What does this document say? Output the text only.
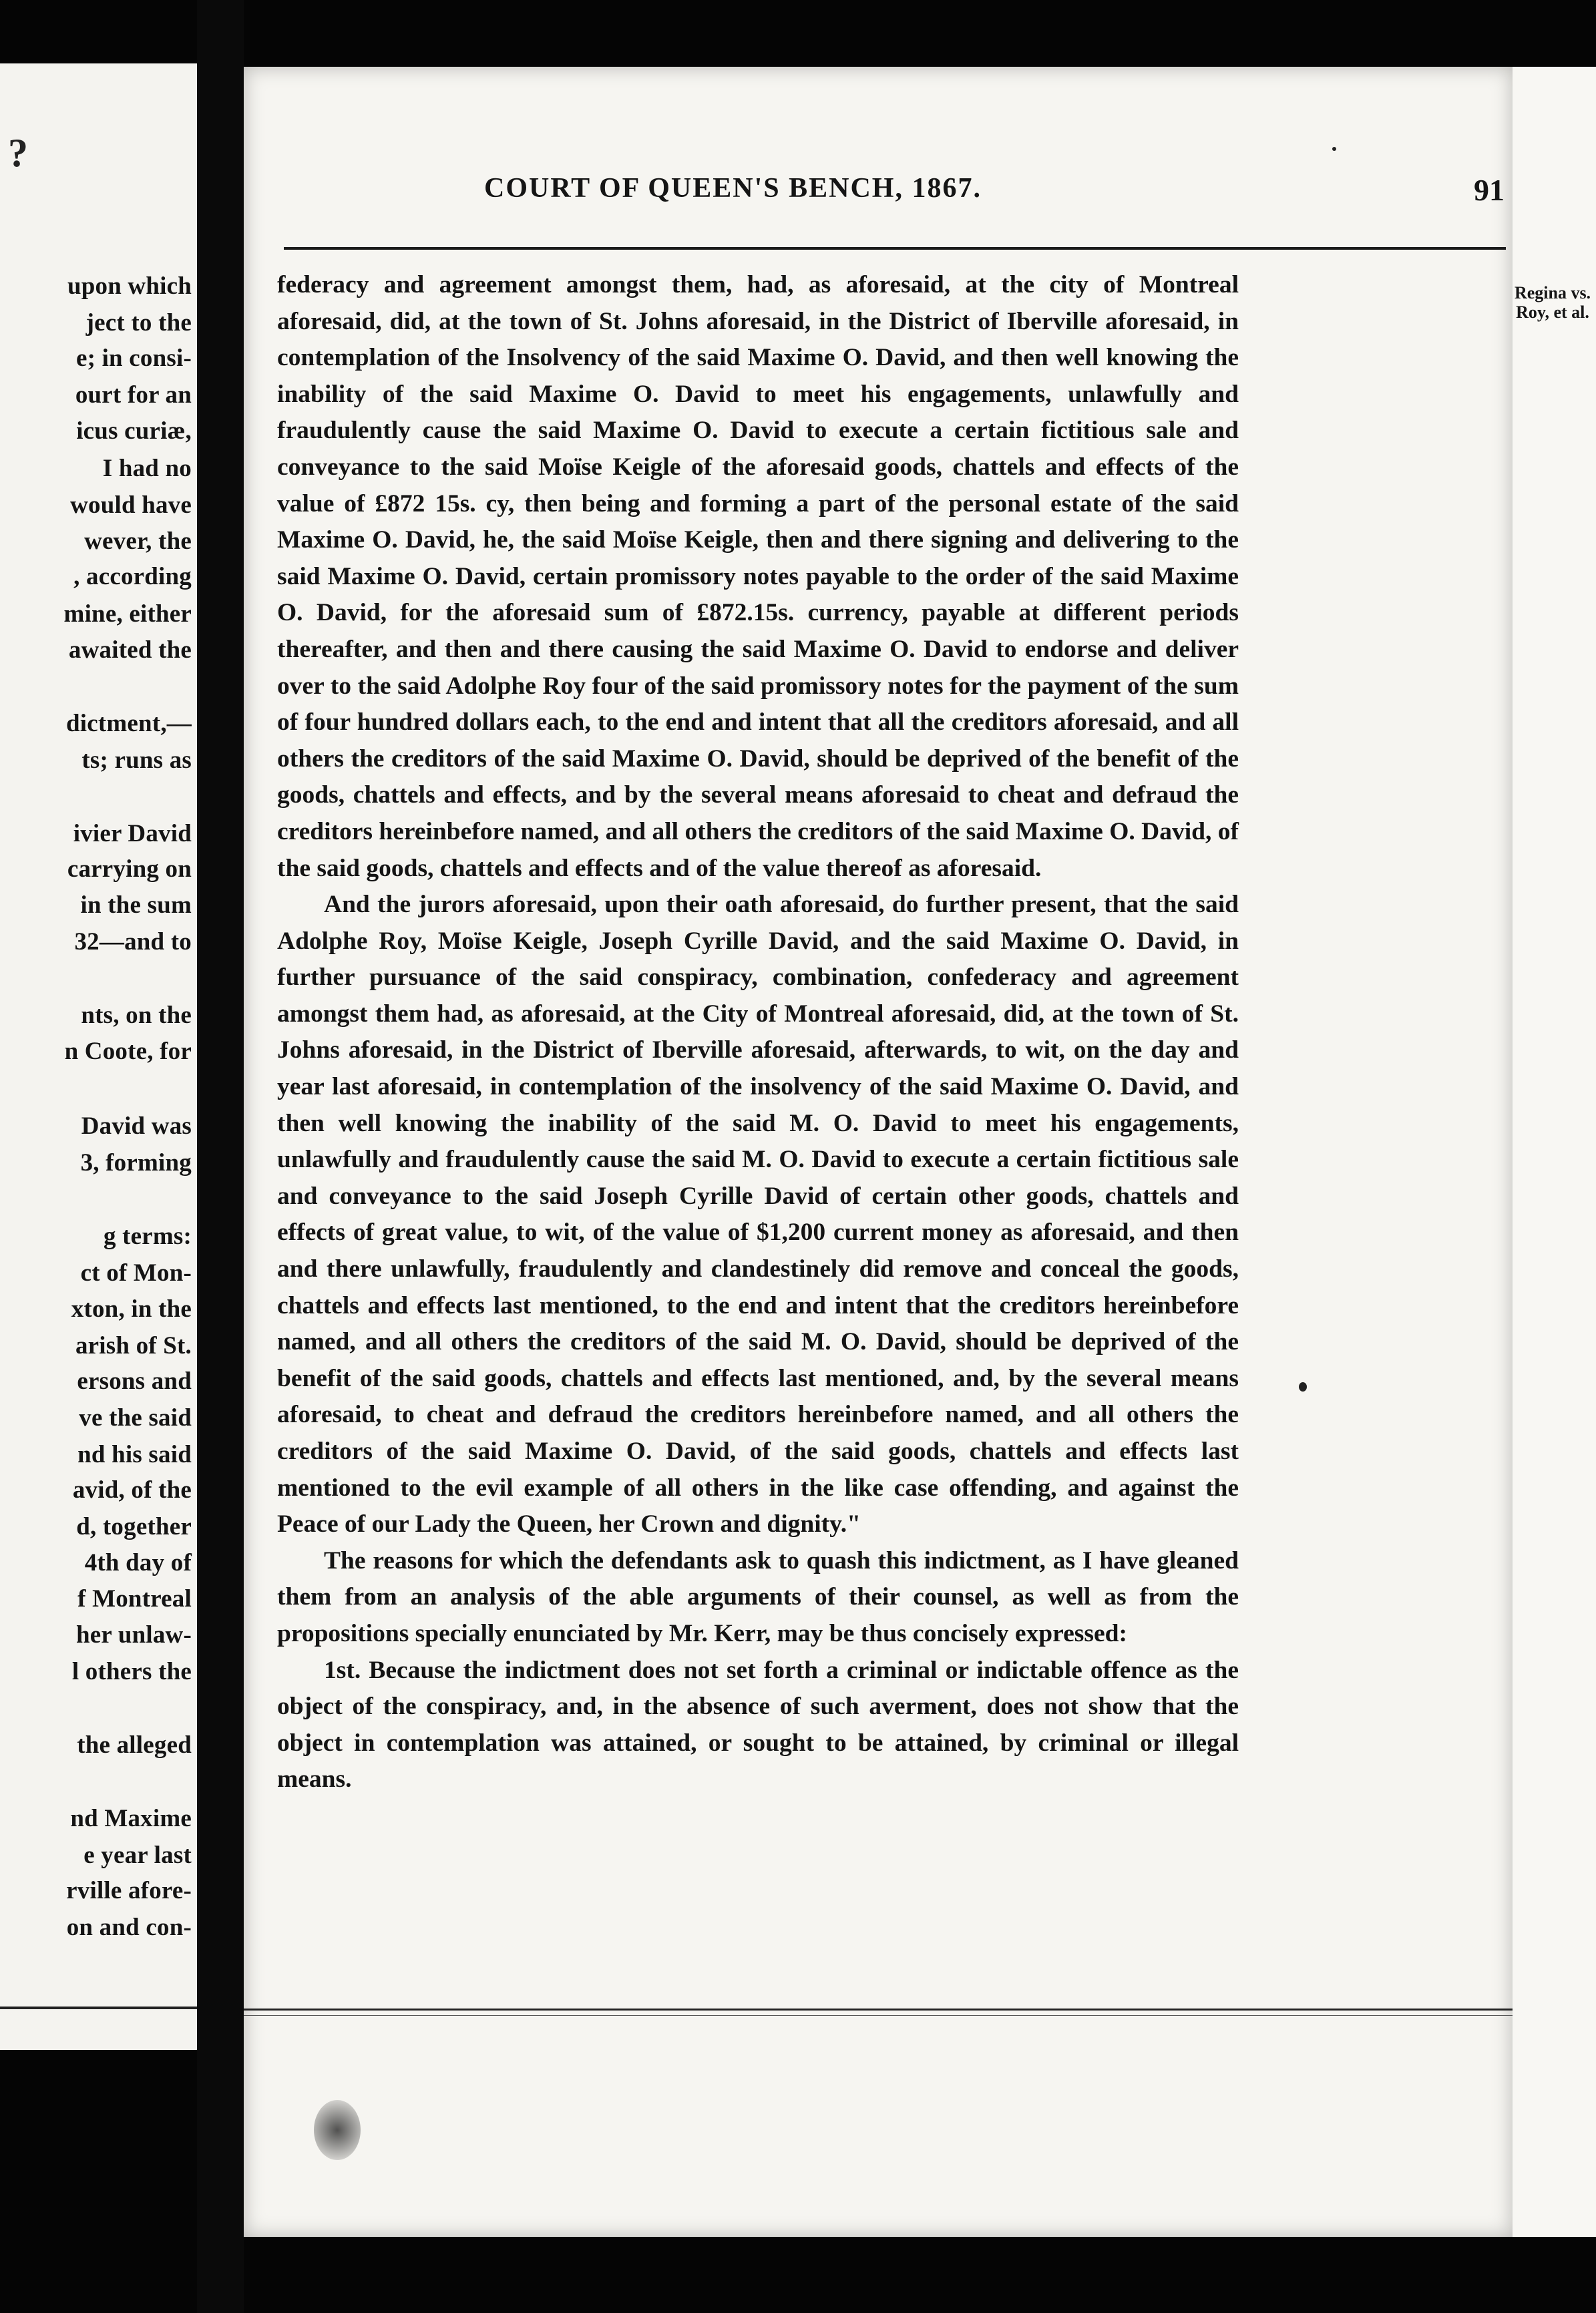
?
upon which
ject to the
e; in consi-
ourt for an
icus curiæ,
I had no
would have
wever, the
, according
mine, either
awaited the
dictment,—
ts; runs as
ivier David
carrying on
in the sum
32—and to
nts, on the
n Coote, for
David was
3, forming
g terms:
ct of Mon-
xton, in the
arish of St.
ersons and
ve the said
nd his said
avid, of the
d, together
4th day of
f Montreal
her unlaw-
l others the
the alleged
nd Maxime
e year last
rville afore-
on and con-
COURT OF QUEEN'S BENCH, 1867.	91

federacy and agreement amongst them, had, as aforesaid, at the city of Montreal aforesaid, did, at the town of St. Johns aforesaid, in the District of Iberville aforesaid, in contemplation of the Insolvency of the said Maxime O. David, and then well knowing the inability of the said Maxime O. David to meet his engagements, unlawfully and fraudulently cause the said Maxime O. David to execute a certain fictitious sale and conveyance to the said Moïse Keigle of the aforesaid goods, chattels and effects of the value of £872 15s. cy, then being and forming a part of the personal estate of the said Maxime O. David, he, the said Moïse Keigle, then and there signing and delivering to the said Maxime O. David, certain promissory notes payable to the order of the said Maxime O. David, for the aforesaid sum of £872.15s. currency, payable at different periods thereafter, and then and there causing the said Maxime O. David to endorse and deliver over to the said Adolphe Roy four of the said promissory notes for the payment of the sum of four hundred dollars each, to the end and intent that all the creditors aforesaid, and all others the creditors of the said Maxime O. David, should be deprived of the benefit of the goods, chattels and effects, and by the several means aforesaid to cheat and defraud the creditors hereinbefore named, and all others the creditors of the said Maxime O. David, of the said goods, chattels and effects and of the value thereof as aforesaid.

And the jurors aforesaid, upon their oath aforesaid, do further present, that the said Adolphe Roy, Moïse Keigle, Joseph Cyrille David, and the said Maxime O. David, in further pursuance of the said conspiracy, combination, confederacy and agreement amongst them had, as aforesaid, at the City of Montreal aforesaid, did, at the town of St. Johns aforesaid, in the District of Iberville aforesaid, afterwards, to wit, on the day and year last aforesaid, in contemplation of the insolvency of the said Maxime O. David, and then well knowing the inability of the said M. O. David to meet his engagements, unlawfully and fraudulently cause the said M. O. David to execute a certain fictitious sale and conveyance to the said Joseph Cyrille David of certain other goods, chattels and effects of great value, to wit, of the value of $1,200 current money as aforesaid, and then and there unlawfully, fraudulently and clandestinely did remove and conceal the goods, chattels and effects last mentioned, to the end and intent that the creditors hereinbefore named, and all others the creditors of the said M. O. David, should be deprived of the benefit of the said goods, chattels and effects last mentioned, and, by the several means aforesaid, to cheat and defraud the creditors hereinbefore named, and all others the creditors of the said Maxime O. David, of the said goods, chattels and effects last mentioned to the evil example of all others in the like case offending, and against the Peace of our Lady the Queen, her Crown and dignity."

The reasons for which the defendants ask to quash this indictment, as I have gleaned them from an analysis of the able arguments of their counsel, as well as from the propositions specially enunciated by Mr. Kerr, may be thus concisely expressed:

1st. Because the indictment does not set forth a criminal or indictable offence as the object of the conspiracy, and, in the absence of such averment, does not show that the object in contemplation was attained, or sought to be attained, by criminal or illegal means.

Regina vs. Roy, et al.
